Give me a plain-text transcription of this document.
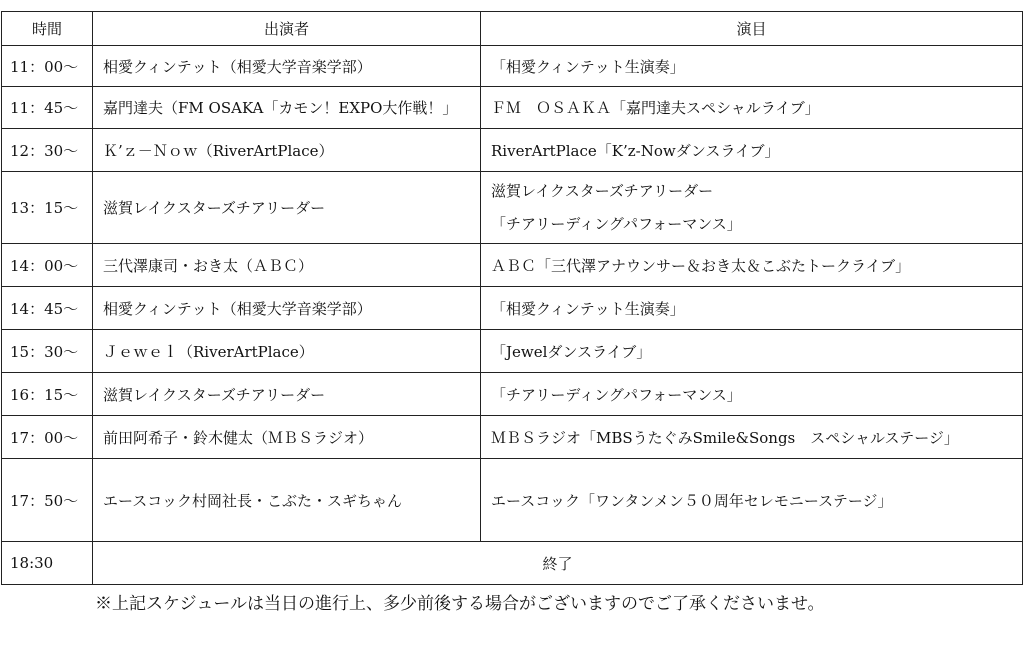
時間	出演者	演目
11：00〜	相愛クィンテット（相愛大学音楽学部）	「相愛クィンテット生演奏」
11：45〜	嘉門達夫（FM OSAKA「カモン！EXPO大作戦！」	ＦＭ　ＯＳＡＫＡ「嘉門達夫スペシャルライブ」
12：30〜	Ｋ’ｚ－Ｎｏｗ（RiverArtPlace）	RiverArtPlace「K’z-Nowダンスライブ」
13：15〜	滋賀レイクスターズチアリーダー	滋賀レイクスターズチアリーダー
「チアリーディングパフォーマンス」

14：00〜	三代澤康司・おき太（ＡＢＣ）	ＡＢＣ「三代澤アナウンサー＆おき太＆こぶたトークライブ」
14：45〜	相愛クィンテット（相愛大学音楽学部）	「相愛クィンテット生演奏」
15：30〜	Ｊｅｗｅｌ（RiverArtPlace）	「Jewelダンスライブ」
16：15〜	滋賀レイクスターズチアリーダー	「チアリーディングパフォーマンス」
17：00〜	前田阿希子・鈴木健太（ＭＢＳラジオ）	ＭＢＳラジオ「MBSうたぐみSmile&Songs　スペシャルステージ」
17：50〜	エースコック村岡社長・こぶた・スギちゃん	エースコック「ワンタンメン５０周年セレモニーステージ」
18:30	終了	
※上記スケジュールは当日の進行上、多少前後する場合がございますのでご了承くださいませ。
